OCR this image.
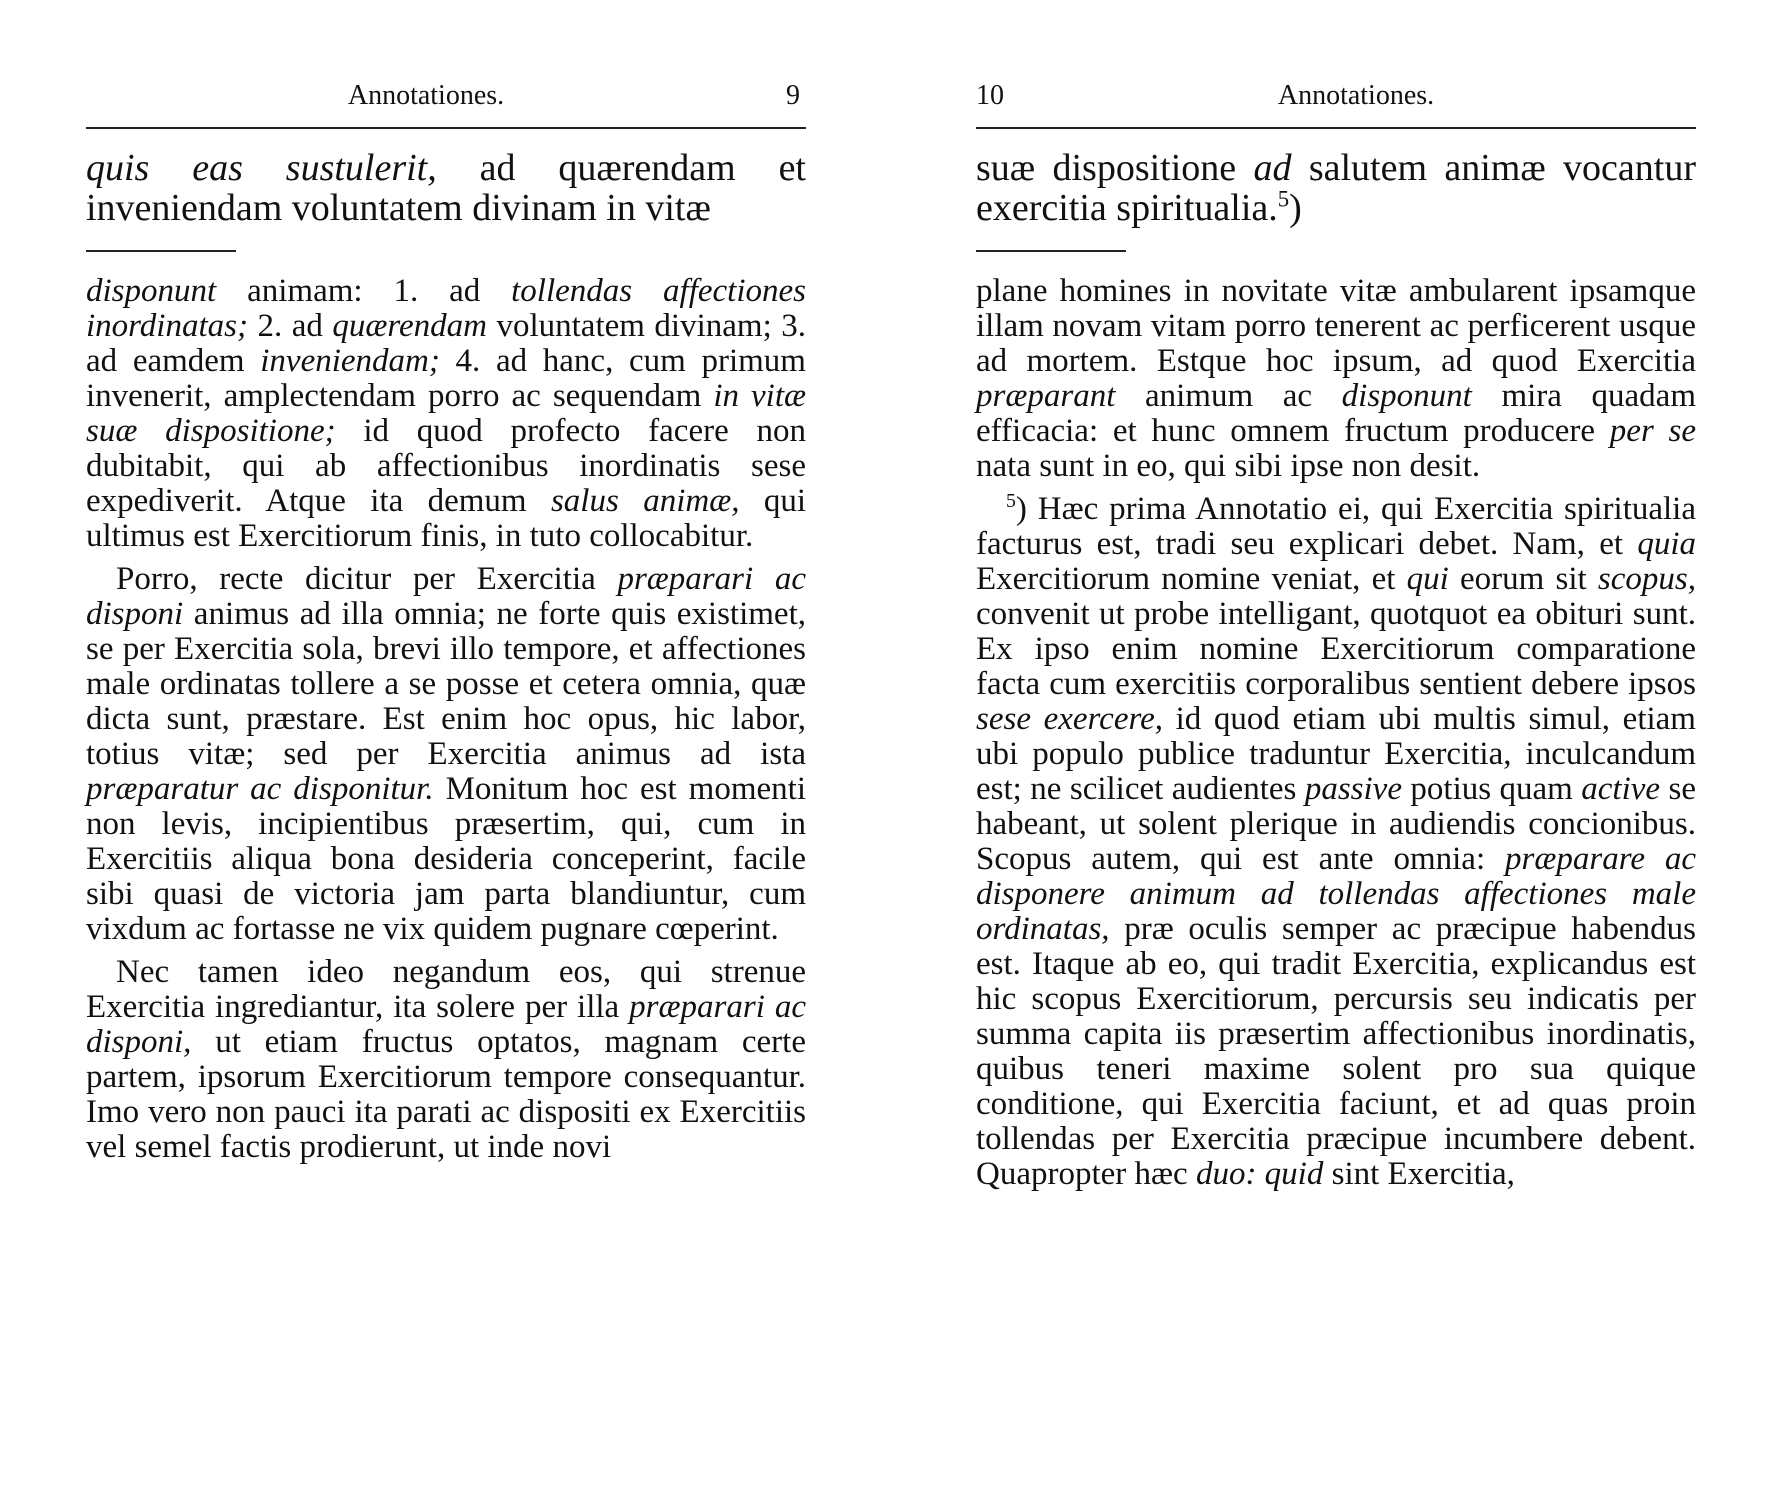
Annotationes.	9
quis eas sustulerit, ad quærendam et inveniendam voluntatem divinam in vitæ

disponunt animam: 1. ad tollendas affectiones inordinatas; 2. ad quærendam voluntatem divinam; 3. ad eamdem inveniendam; 4. ad hanc, cum primum invenerit, amplectendam porro ac sequendam in vitæ suæ dispositione; id quod profecto facere non dubitabit, qui ab affectionibus inordinatis sese expediverit. Atque ita demum salus animæ, qui ultimus est Exercitiorum finis, in tuto collocabitur.

Porro, recte dicitur per Exercitia præparari ac disponi animus ad illa omnia; ne forte quis existimet, se per Exercitia sola, brevi illo tempore, et affectiones male ordinatas tollere a se posse et cetera omnia, quæ dicta sunt, præstare. Est enim hoc opus, hic labor, totius vitæ; sed per Exercitia animus ad ista præparatur ac disponitur. Monitum hoc est momenti non levis, incipientibus præsertim, qui, cum in Exercitiis aliqua bona desideria conceperint, facile sibi quasi de victoria jam parta blandiuntur, cum vixdum ac fortasse ne vix quidem pugnare cœperint.

Nec tamen ideo negandum eos, qui strenue Exercitia ingrediantur, ita solere per illa præparari ac disponi, ut etiam fructus optatos, magnam certe partem, ipsorum Exercitiorum tempore consequantur. Imo vero non pauci ita parati ac dispositi ex Exercitiis vel semel factis prodierunt, ut inde novi

10	Annotationes.
suæ dispositione ad salutem animæ vocantur exercitia spiritualia.$^5$)

plane homines in novitate vitæ ambularent ipsamque illam novam vitam porro tenerent ac perficerent usque ad mortem. Estque hoc ipsum, ad quod Exercitia præparant animum ac disponunt mira quadam efficacia: et hunc omnem fructum producere per se nata sunt in eo, qui sibi ipse non desit.

$^5$) Hæc prima Annotatio ei, qui Exercitia spiritualia facturus est, tradi seu explicari debet. Nam, et quia Exercitiorum nomine veniat, et qui eorum sit scopus, convenit ut probe intelligant, quotquot ea obituri sunt. Ex ipso enim nomine Exercitiorum comparatione facta cum exercitiis corporalibus sentient debere ipsos sese exercere, id quod etiam ubi multis simul, etiam ubi populo publice traduntur Exercitia, inculcandum est; ne scilicet audientes passive potius quam active se habeant, ut solent plerique in audiendis concionibus. Scopus autem, qui est ante omnia: præparare ac disponere animum ad tollendas affectiones male ordinatas, præ oculis semper ac præcipue habendus est. Itaque ab eo, qui tradit Exercitia, explicandus est hic scopus Exercitiorum, percursis seu indicatis per summa capita iis præsertim affectionibus inordinatis, quibus teneri maxime solent pro sua quique conditione, qui Exercitia faciunt, et ad quas proin tollendas per Exercitia præcipue incumbere debent. Quapropter hæc duo: quid sint Exercitia,
